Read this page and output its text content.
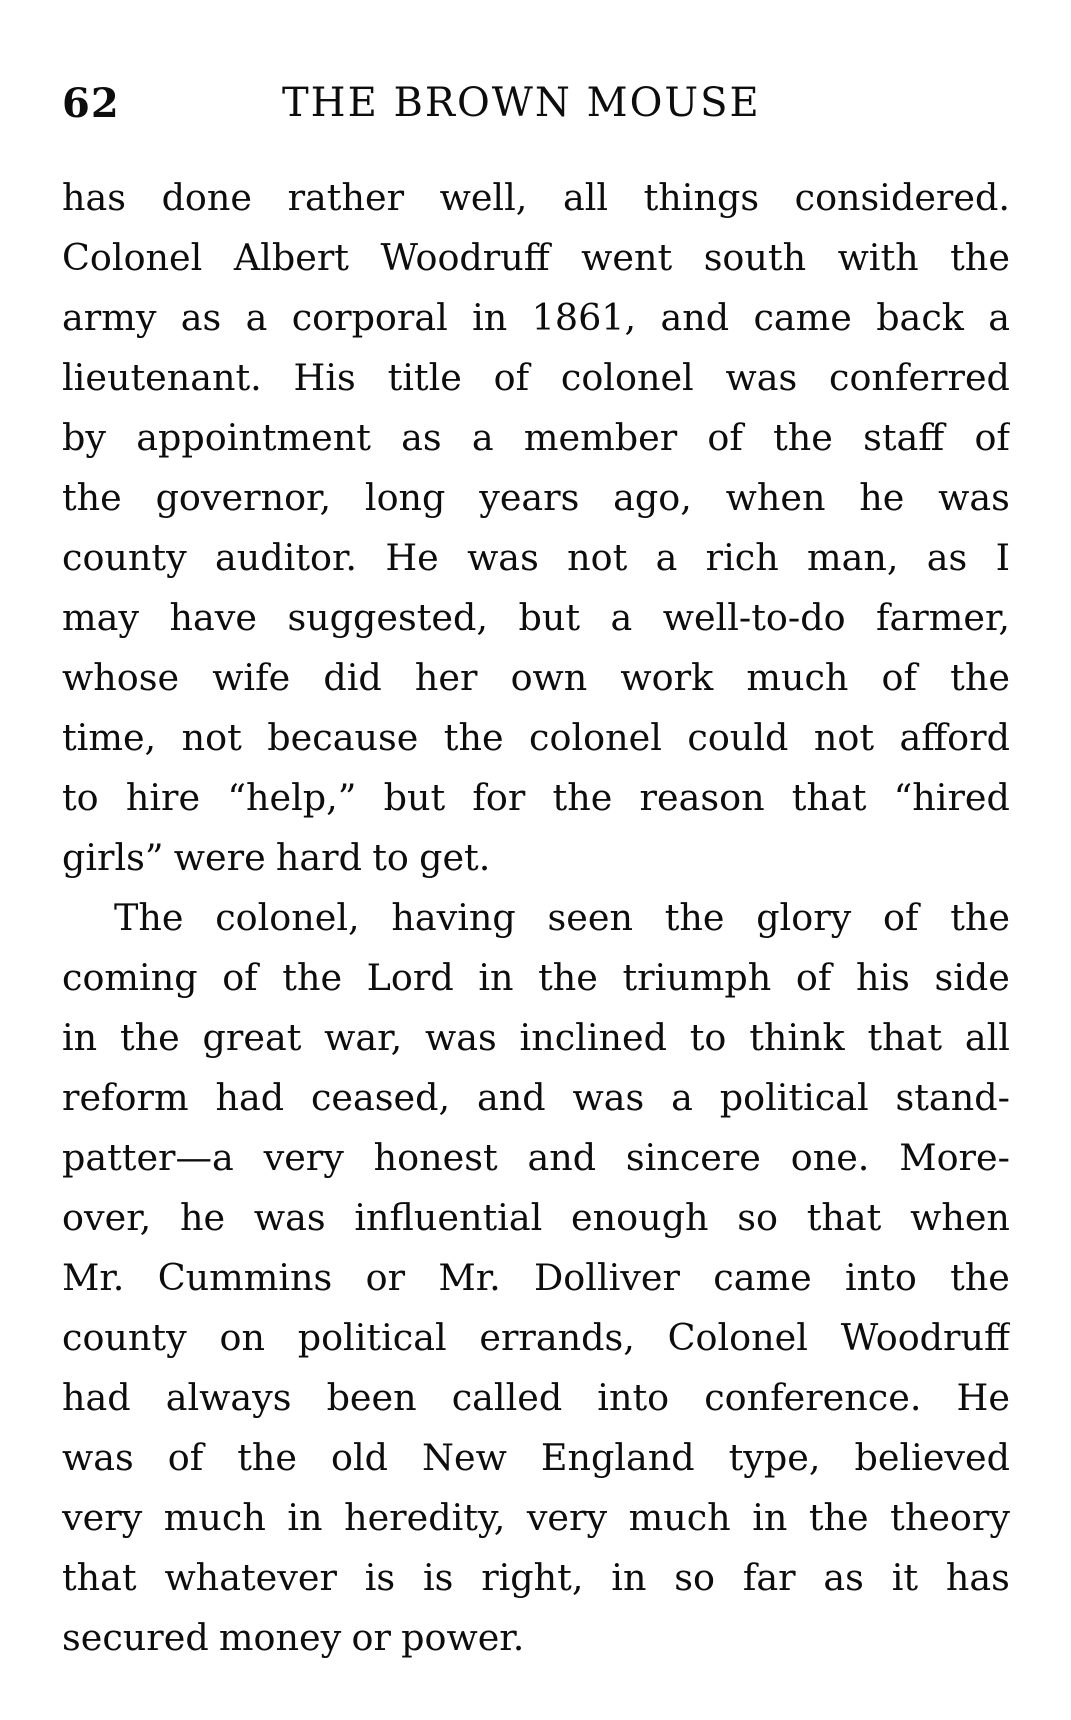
62	THE BROWN MOUSE
has done rather well, all things considered.
Colonel Albert Woodruff went south with the
army as a corporal in 1861, and came back a
lieutenant. His title of colonel was conferred
by appointment as a member of the staff of
the governor, long years ago, when he was
county auditor. He was not a rich man, as I
may have suggested, but a well-to-do farmer,
whose wife did her own work much of the
time, not because the colonel could not afford
to hire “help,” but for the reason that “hired
girls” were hard to get.
The colonel, having seen the glory of the
coming of the Lord in the triumph of his side
in the great war, was inclined to think that all
reform had ceased, and was a political stand-
patter—a very honest and sincere one. More-
over, he was influential enough so that when
Mr. Cummins or Mr. Dolliver came into the
county on political errands, Colonel Woodruff
had always been called into conference. He
was of the old New England type, believed
very much in heredity, very much in the theory
that whatever is is right, in so far as it has
secured money or power.
